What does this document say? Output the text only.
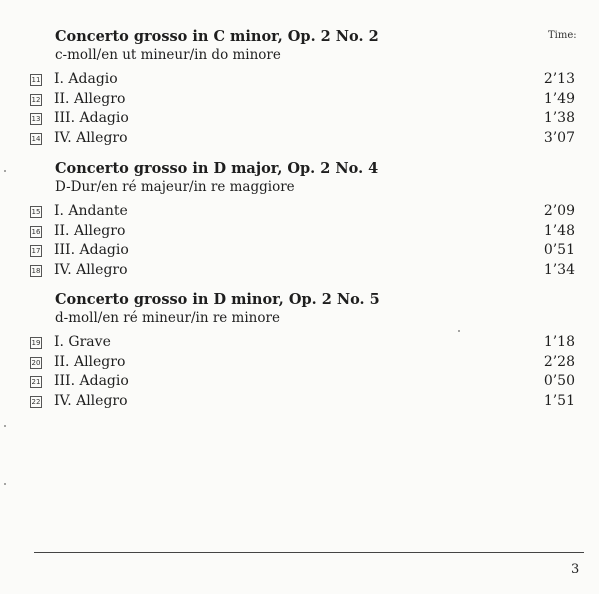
Time:
Concerto grosso in C minor, Op. 2 No. 2
c-moll/en ut mineur/in do minore
11 I. Adagio	2’13
12 II. Allegro	1’49
13 III. Adagio	1’38
14 IV. Allegro	3’07
Concerto grosso in D major, Op. 2 No. 4
D-Dur/en ré majeur/in re maggiore
15 I. Andante	2’09
16 II. Allegro	1’48
17 III. Adagio	0’51
18 IV. Allegro	1’34
Concerto grosso in D minor, Op. 2 No. 5
d-moll/en ré mineur/in re minore
19 I. Grave	1’18
20 II. Allegro	2’28
21 III. Adagio	0’50
22 IV. Allegro	1’51
3
